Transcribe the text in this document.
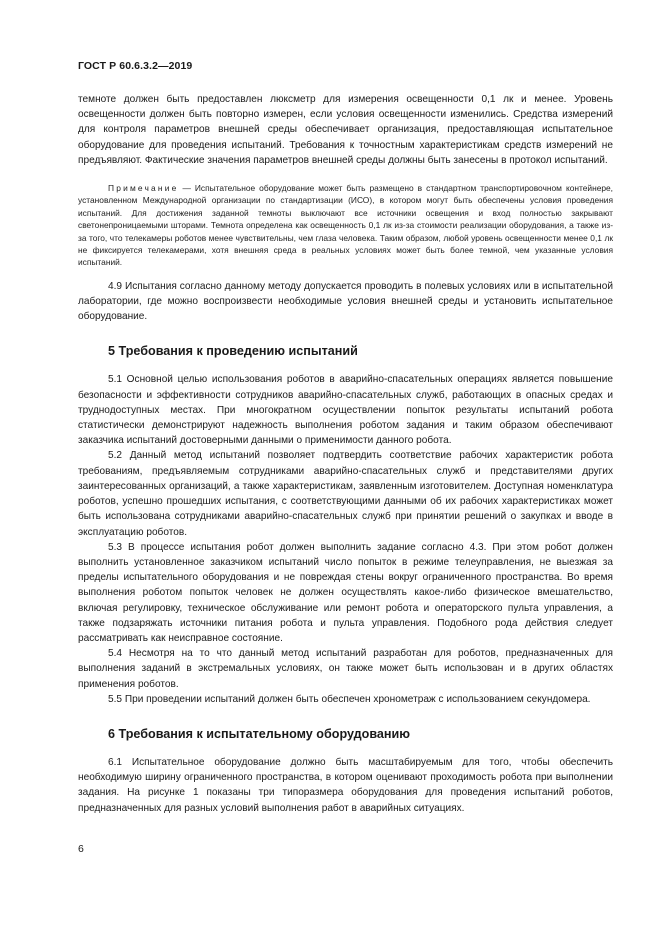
ГОСТ Р 60.6.3.2—2019

темноте должен быть предоставлен люксметр для измерения освещенности 0,1 лк и менее. Уровень освещенности должен быть повторно измерен, если условия освещенности изменились. Средства измерений для контроля параметров внешней среды обеспечивает организация, предоставляющая испытательное оборудование для проведения испытаний. Требования к точностным характеристикам средств измерений не предъявляют. Фактические значения параметров внешней среды должны быть занесены в протокол испытаний.

Примечание — Испытательное оборудование может быть размещено в стандартном транспортировочном контейнере, установленном Международной организации по стандартизации (ИСО), в котором могут быть обеспечены условия проведения испытаний. Для достижения заданной темноты выключают все источники освещения и вход полностью закрывают светонепроницаемыми шторами. Темнота определена как освещенность 0,1 лк из-за стоимости реализации оборудования, а также из-за того, что телекамеры роботов менее чувствительны, чем глаза человека. Таким образом, любой уровень освещенности менее 0,1 лк не фиксируется телекамерами, хотя внешняя среда в реальных условиях может быть более темной, чем указанные условия испытаний.

4.9 Испытания согласно данному методу допускается проводить в полевых условиях или в испытательной лаборатории, где можно воспроизвести необходимые условия внешней среды и установить испытательное оборудование.

5 Требования к проведению испытаний

5.1 Основной целью использования роботов в аварийно-спасательных операциях является повышение безопасности и эффективности сотрудников аварийно-спасательных служб, работающих в опасных средах и труднодоступных местах. При многократном осуществлении попыток результаты испытаний робота статистически демонстрируют надежность выполнения роботом задания и таким образом обеспечивают заказчика испытаний достоверными данными о применимости данного робота.

5.2 Данный метод испытаний позволяет подтвердить соответствие рабочих характеристик робота требованиям, предъявляемым сотрудниками аварийно-спасательных служб и представителями других заинтересованных организаций, а также характеристикам, заявленным изготовителем. Доступная номенклатура роботов, успешно прошедших испытания, с соответствующими данными об их рабочих характеристиках может быть использована сотрудниками аварийно-спасательных служб при принятии решений о закупках и вводе в эксплуатацию роботов.

5.3 В процессе испытания робот должен выполнить задание согласно 4.3. При этом робот должен выполнить установленное заказчиком испытаний число попыток в режиме телеуправления, не выезжая за пределы испытательного оборудования и не повреждая стены вокруг ограниченного пространства. Во время выполнения роботом попыток человек не должен осуществлять какое-либо физическое вмешательство, включая регулировку, техническое обслуживание или ремонт робота и операторского пульта управления, а также подзаряжать источники питания робота и пульта управления. Подобного рода действия следует рассматривать как неисправное состояние.

5.4 Несмотря на то что данный метод испытаний разработан для роботов, предназначенных для выполнения заданий в экстремальных условиях, он также может быть использован и в других областях применения роботов.

5.5 При проведении испытаний должен быть обеспечен хронометраж с использованием секундомера.

6 Требования к испытательному оборудованию

6.1 Испытательное оборудование должно быть масштабируемым для того, чтобы обеспечить необходимую ширину ограниченного пространства, в котором оценивают проходимость робота при выполнении задания. На рисунке 1 показаны три типоразмера оборудования для проведения испытаний роботов, предназначенных для разных условий выполнения работ в аварийных ситуациях.

6
